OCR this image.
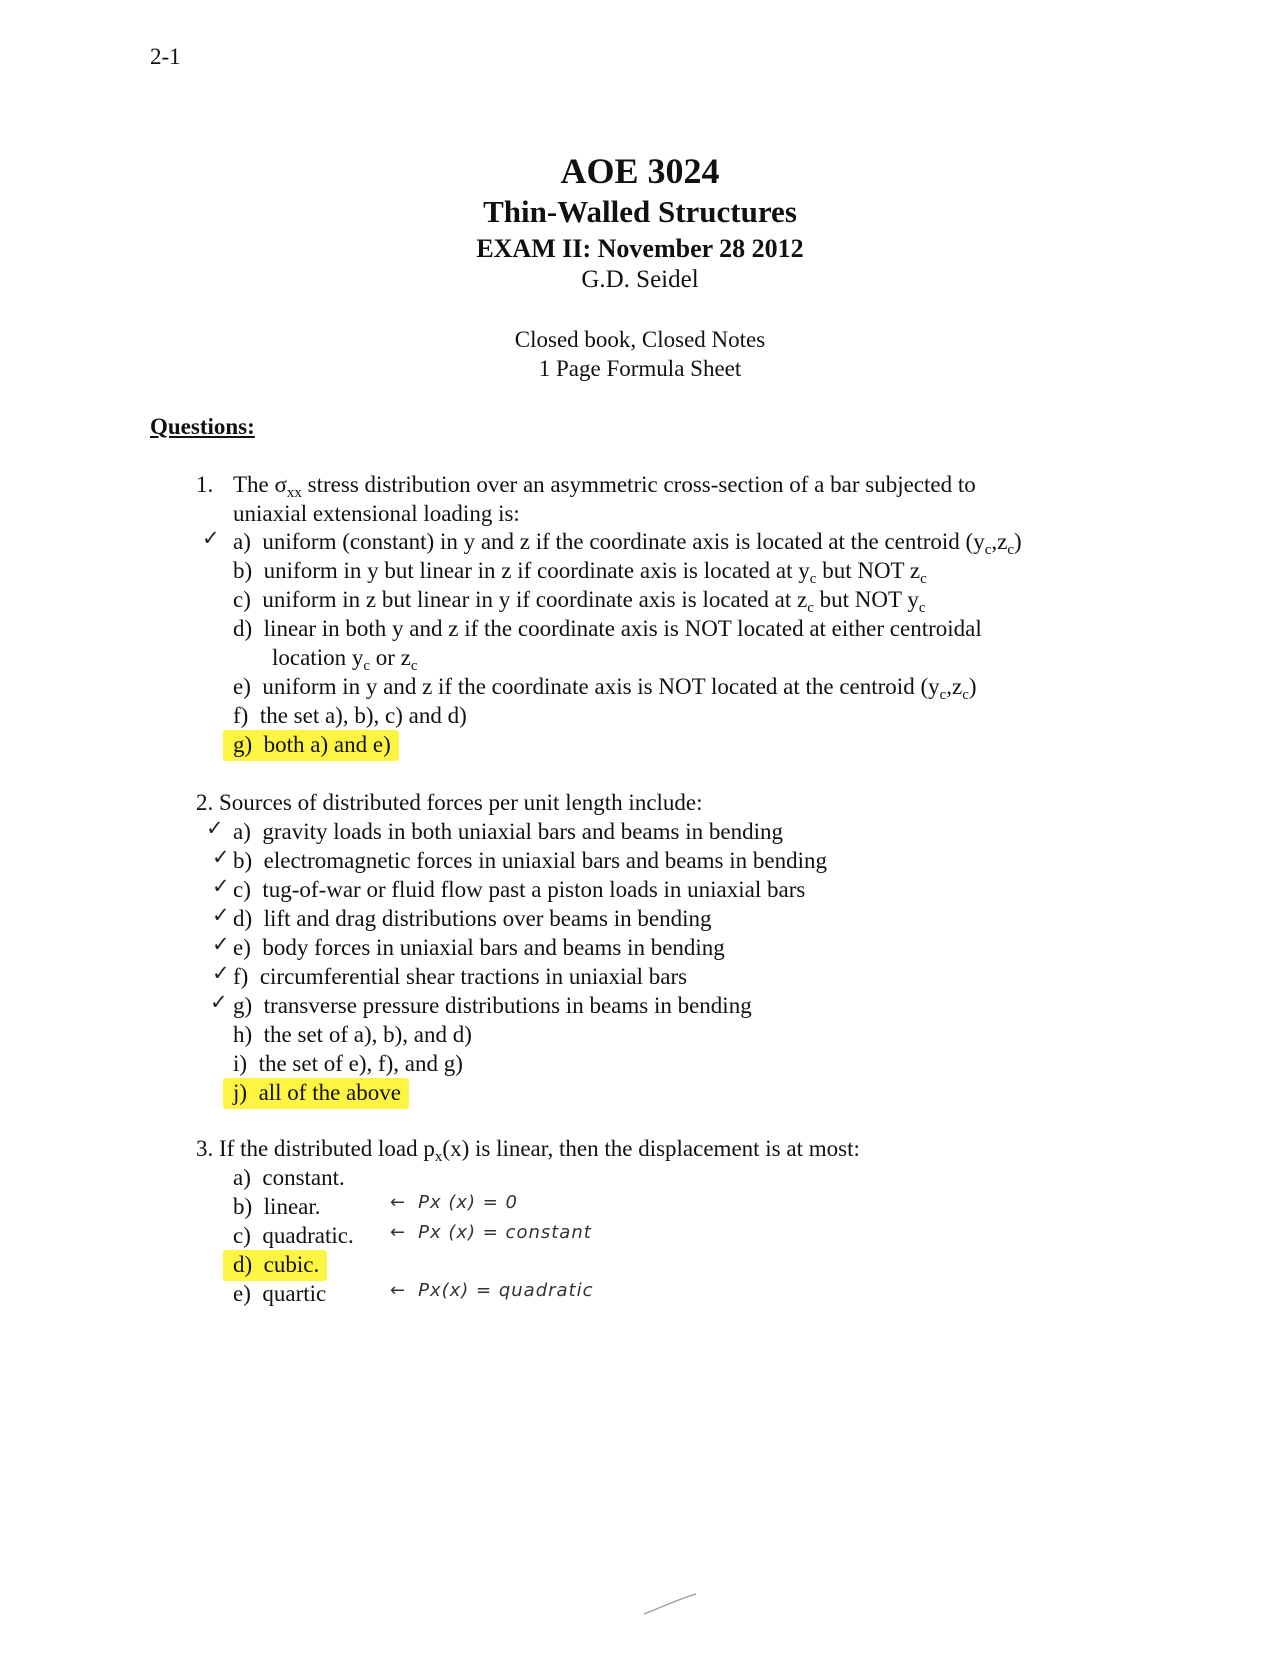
2-1
AOE 3024
Thin-Walled Structures
EXAM II: November 28 2012
G.D. Seidel
Closed book, Closed Notes
1 Page Formula Sheet
Questions:
1. The $\sigma_{xx}$ stress distribution over an asymmetric cross-section of a bar subjected to
uniaxial extensional loading is:
✓ a) uniform (constant) in y and z if the coordinate axis is located at the centroid $(y_c,z_c)$
b) uniform in y but linear in z if coordinate axis is located at $y_c$ but NOT $z_c$
c) uniform in z but linear in y if coordinate axis is located at $z_c$ but NOT $y_c$
d) linear in both y and z if the coordinate axis is NOT located at either centroidal
location $y_c$ or $z_c$
e) uniform in y and z if the coordinate axis is NOT located at the centroid $(y_c,z_c)$
f) the set a), b), c) and d)
g) both a) and e)
2. Sources of distributed forces per unit length include:
✓ a) gravity loads in both uniaxial bars and beams in bending
✓ b) electromagnetic forces in uniaxial bars and beams in bending
✓ c) tug-of-war or fluid flow past a piston loads in uniaxial bars
✓ d) lift and drag distributions over beams in bending
✓ e) body forces in uniaxial bars and beams in bending
✓ f) circumferential shear tractions in uniaxial bars
✓ g) transverse pressure distributions in beams in bending
h) the set of a), b), and d)
i) the set of e), f), and g)
j) all of the above
3. If the distributed load $p_x(x)$ is linear, then the displacement is at most:
a) constant.
b) linear.
c) quadratic.
d) cubic.
e) quartic
← Px (x) = 0
← Px (x) = constant
← Px(x) = quadratic
